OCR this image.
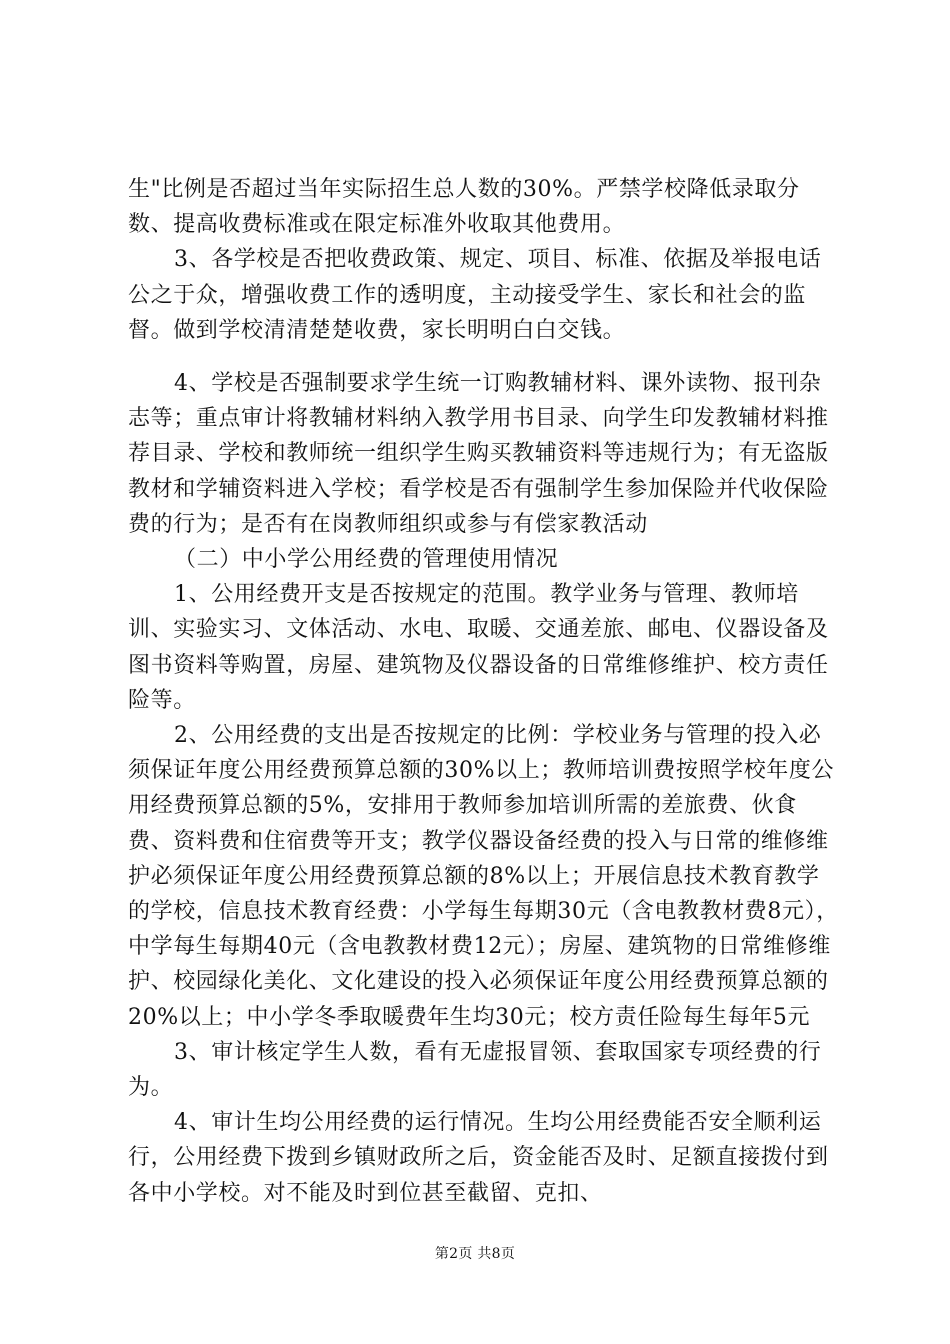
生"比例是否超过当年实际招生总人数的30%。严禁学校降低录取分数、提高收费标准或在限定标准外收取其他费用。

3、各学校是否把收费政策、规定、项目、标准、依据及举报电话公之于众，增强收费工作的透明度，主动接受学生、家长和社会的监督。做到学校清清楚楚收费，家长明明白白交钱。

4、学校是否强制要求学生统一订购教辅材料、课外读物、报刊杂志等；重点审计将教辅材料纳入教学用书目录、向学生印发教辅材料推荐目录、学校和教师统一组织学生购买教辅资料等违规行为；有无盗版教材和学辅资料进入学校；看学校是否有强制学生参加保险并代收保险费的行为；是否有在岗教师组织或参与有偿家教活动

（二）中小学公用经费的管理使用情况

1、公用经费开支是否按规定的范围。教学业务与管理、教师培训、实验实习、文体活动、水电、取暖、交通差旅、邮电、仪器设备及图书资料等购置，房屋、建筑物及仪器设备的日常维修维护、校方责任险等。

2、公用经费的支出是否按规定的比例：学校业务与管理的投入必须保证年度公用经费预算总额的30%以上；教师培训费按照学校年度公用经费预算总额的5%，安排用于教师参加培训所需的差旅费、伙食费、资料费和住宿费等开支；教学仪器设备经费的投入与日常的维修维护必须保证年度公用经费预算总额的8%以上；开展信息技术教育教学的学校，信息技术教育经费：小学每生每期30元（含电教教材费8元），中学每生每期40元（含电教教材费12元）；房屋、建筑物的日常维修维护、校园绿化美化、文化建设的投入必须保证年度公用经费预算总额的20%以上；中小学冬季取暖费年生均30元；校方责任险每生每年5元

3、审计核定学生人数，看有无虚报冒领、套取国家专项经费的行为。

4、审计生均公用经费的运行情况。生均公用经费能否安全顺利运行，公用经费下拨到乡镇财政所之后，资金能否及时、足额直接拨付到各中小学校。对不能及时到位甚至截留、克扣、

第2页 共8页
